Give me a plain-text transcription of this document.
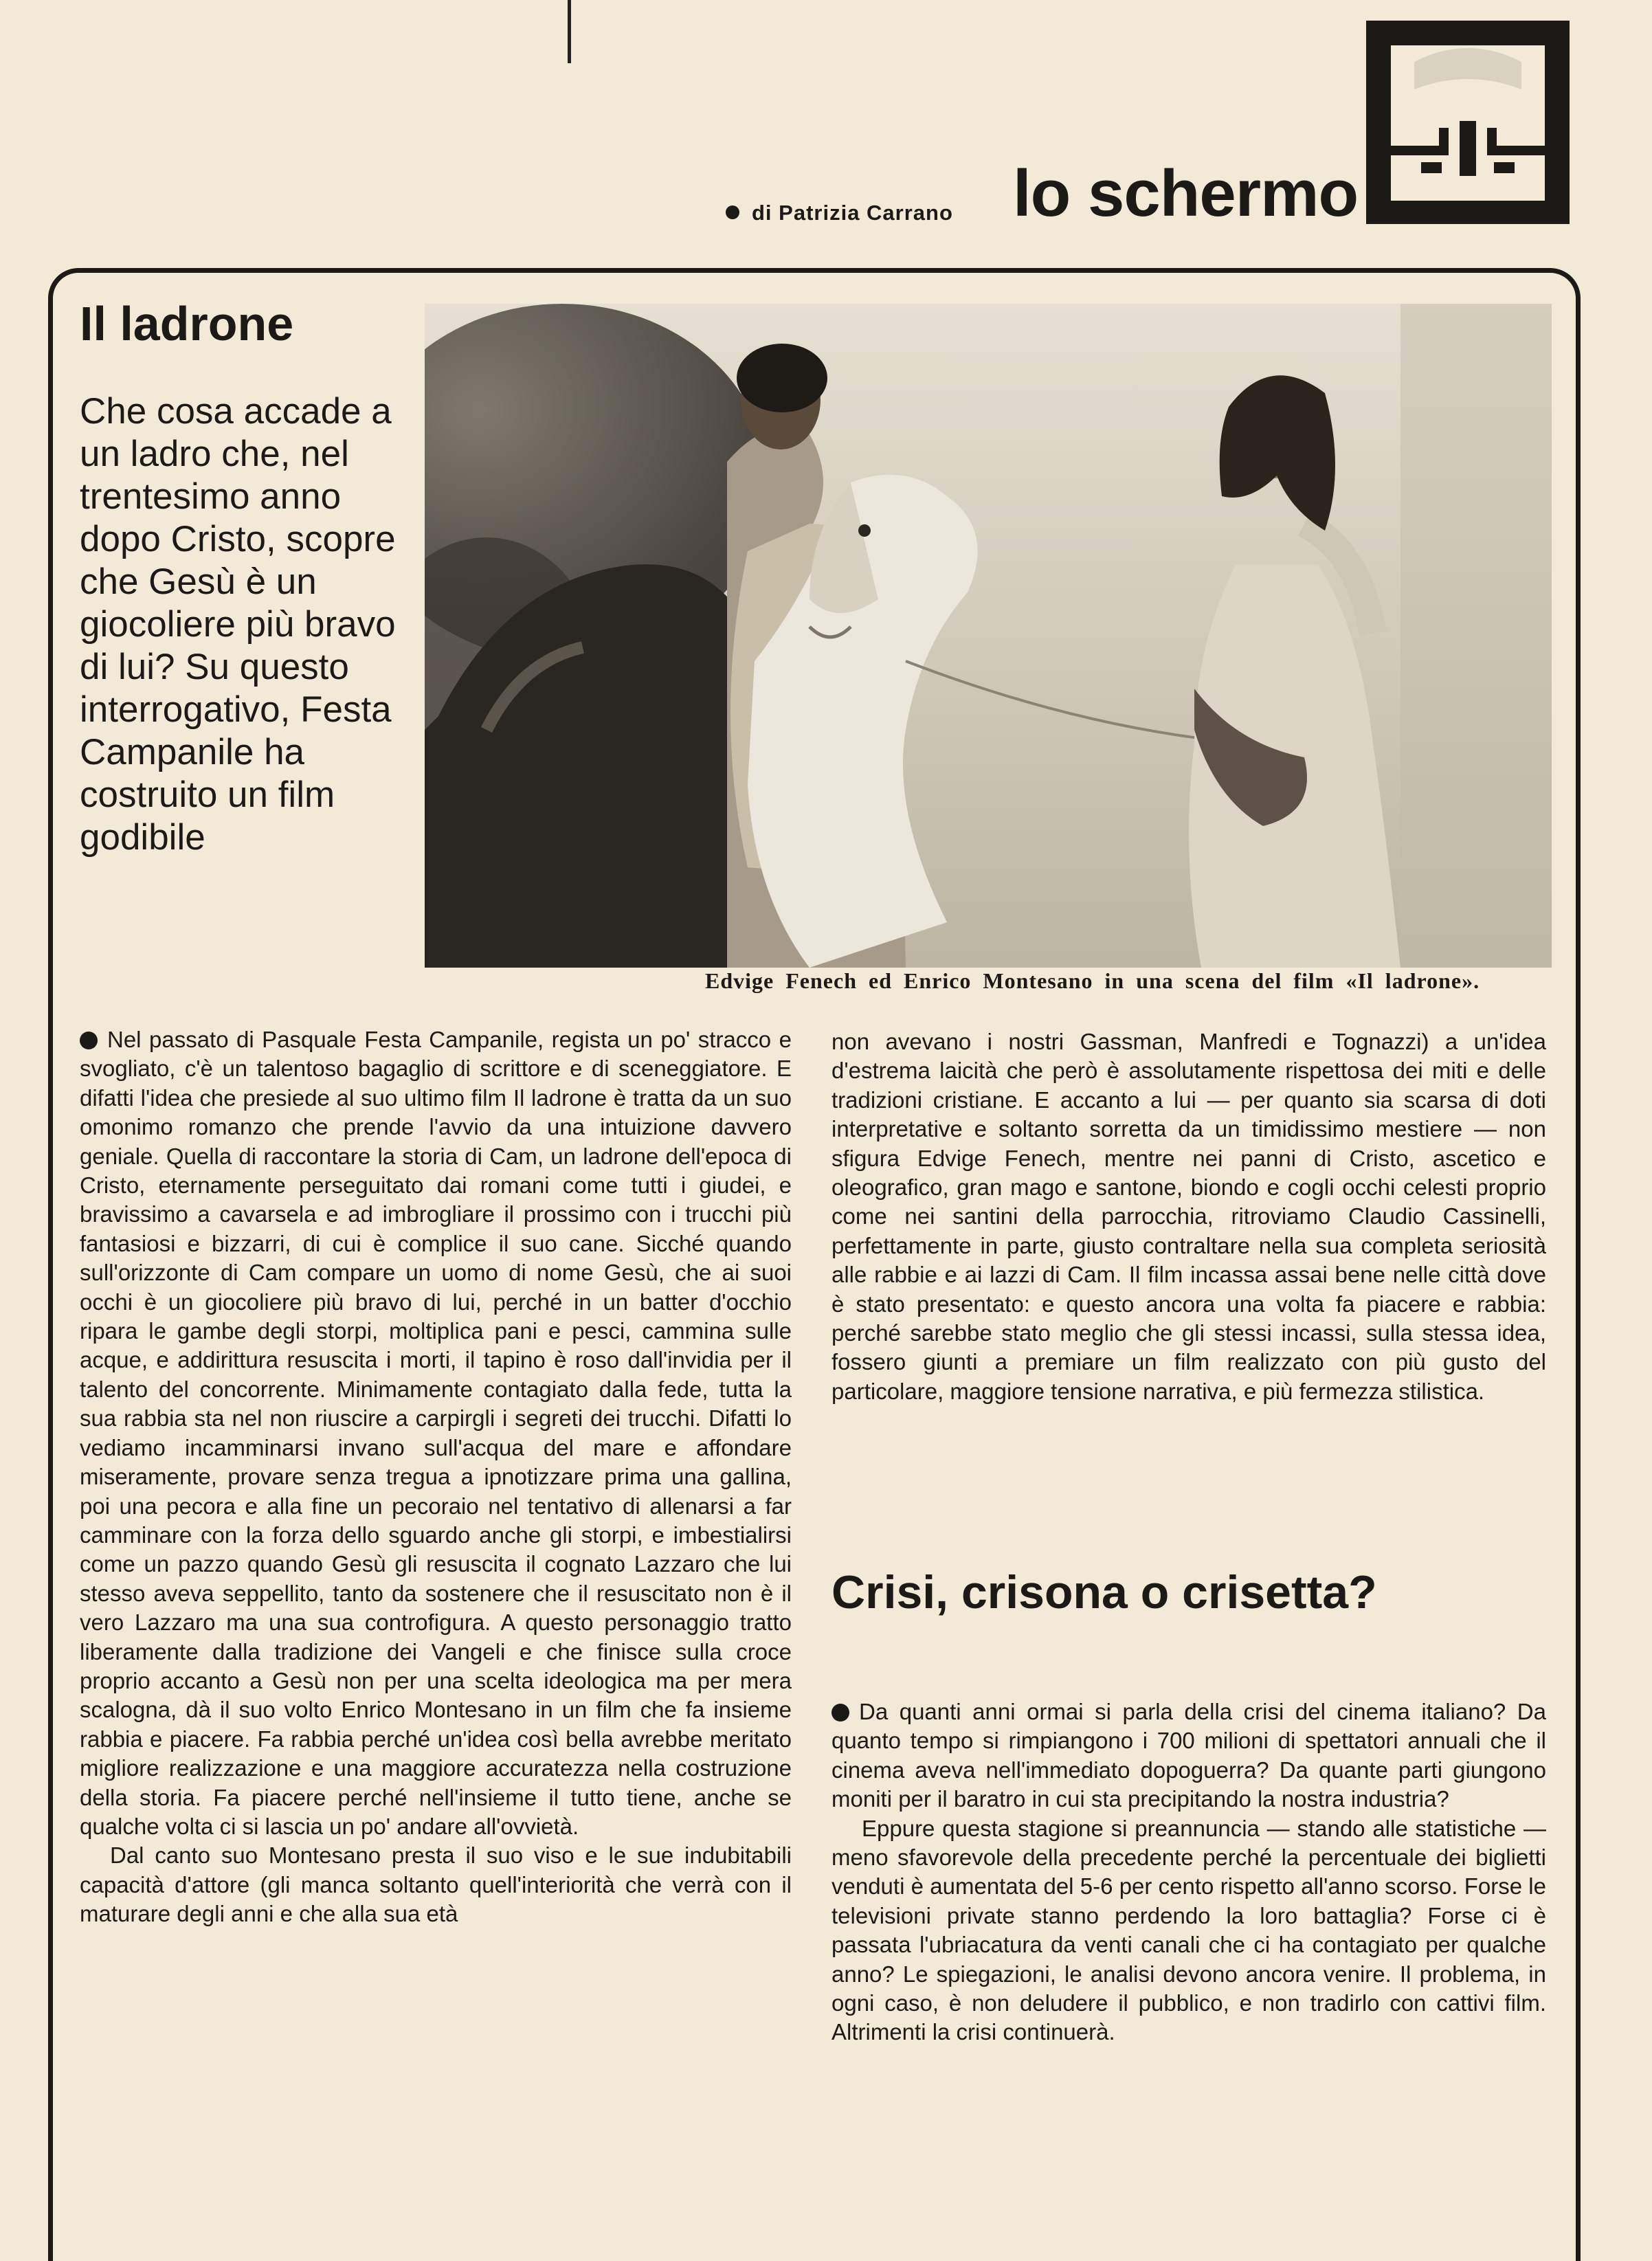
di Patrizia Carrano lo schermo
Il ladrone
Che cosa accade a un ladro che, nel trentesimo anno dopo Cristo, scopre che Gesù è un giocoliere più bravo di lui? Su questo interrogativo, Festa Campanile ha costruito un film godibile
Edvige Fenech ed Enrico Montesano in una scena del film «Il ladrone».

Nel passato di Pasquale Festa Campanile, regista un po' stracco e svogliato, c'è un talentoso bagaglio di scrittore e di sceneggiatore. E difatti l'idea che presiede al suo ultimo film Il ladrone è tratta da un suo omonimo romanzo che prende l'avvio da una intuizione davvero geniale. Quella di raccontare la storia di Cam, un ladrone dell'epoca di Cristo, eternamente perseguitato dai romani come tutti i giudei, e bravissimo a cavarsela e ad imbrogliare il prossimo con i trucchi più fantasiosi e bizzarri, di cui è complice il suo cane. Sicché quando sull'orizzonte di Cam compare un uomo di nome Gesù, che ai suoi occhi è un giocoliere più bravo di lui, perché in un batter d'occhio ripara le gambe degli storpi, moltiplica pani e pesci, cammina sulle acque, e addirittura resuscita i morti, il tapino è roso dall'invidia per il talento del concorrente. Minimamente contagiato dalla fede, tutta la sua rabbia sta nel non riuscire a carpirgli i segreti dei trucchi. Difatti lo vediamo incamminarsi invano sull'acqua del mare e affondare miseramente, provare senza tregua a ipnotizzare prima una gallina, poi una pecora e alla fine un pecoraio nel tentativo di allenarsi a far camminare con la forza dello sguardo anche gli storpi, e imbestialirsi come un pazzo quando Gesù gli resuscita il cognato Lazzaro che lui stesso aveva seppellito, tanto da sostenere che il resuscitato non è il vero Lazzaro ma una sua controfigura. A questo personaggio tratto liberamente dalla tradizione dei Vangeli e che finisce sulla croce proprio accanto a Gesù non per una scelta ideologica ma per mera scalogna, dà il suo volto Enrico Montesano in un film che fa insieme rabbia e piacere. Fa rabbia perché un'idea così bella avrebbe meritato migliore realizzazione e una maggiore accuratezza nella costruzione della storia. Fa piacere perché nell'insieme il tutto tiene, anche se qualche volta ci si lascia un po' andare all'ovvietà.

Dal canto suo Montesano presta il suo viso e le sue indubitabili capacità d'attore (gli manca soltanto quell'interiorità che verrà con il maturare degli anni e che alla sua età

non avevano i nostri Gassman, Manfredi e Tognazzi) a un'idea d'estrema laicità che però è assolutamente rispettosa dei miti e delle tradizioni cristiane. E accanto a lui — per quanto sia scarsa di doti interpretative e soltanto sorretta da un timidissimo mestiere — non sfigura Edvige Fenech, mentre nei panni di Cristo, ascetico e oleografico, gran mago e santone, biondo e cogli occhi celesti proprio come nei santini della parrocchia, ritroviamo Claudio Cassinelli, perfettamente in parte, giusto contraltare nella sua completa seriosità alle rabbie e ai lazzi di Cam. Il film incassa assai bene nelle città dove è stato presentato: e questo ancora una volta fa piacere e rabbia: perché sarebbe stato meglio che gli stessi incassi, sulla stessa idea, fossero giunti a premiare un film realizzato con più gusto del particolare, maggiore tensione narrativa, e più fermezza stilistica.

Crisi, crisona o crisetta?

Da quanti anni ormai si parla della crisi del cinema italiano? Da quanto tempo si rimpiangono i 700 milioni di spettatori annuali che il cinema aveva nell'immediato dopoguerra? Da quante parti giungono moniti per il baratro in cui sta precipitando la nostra industria?

Eppure questa stagione si preannuncia — stando alle statistiche — meno sfavorevole della precedente perché la percentuale dei biglietti venduti è aumentata del 5-6 per cento rispetto all'anno scorso. Forse le televisioni private stanno perdendo la loro battaglia? Forse ci è passata l'ubriacatura da venti canali che ci ha contagiato per qualche anno? Le spiegazioni, le analisi devono ancora venire. Il problema, in ogni caso, è non deludere il pubblico, e non tradirlo con cattivi film. Altrimenti la crisi continuerà.
